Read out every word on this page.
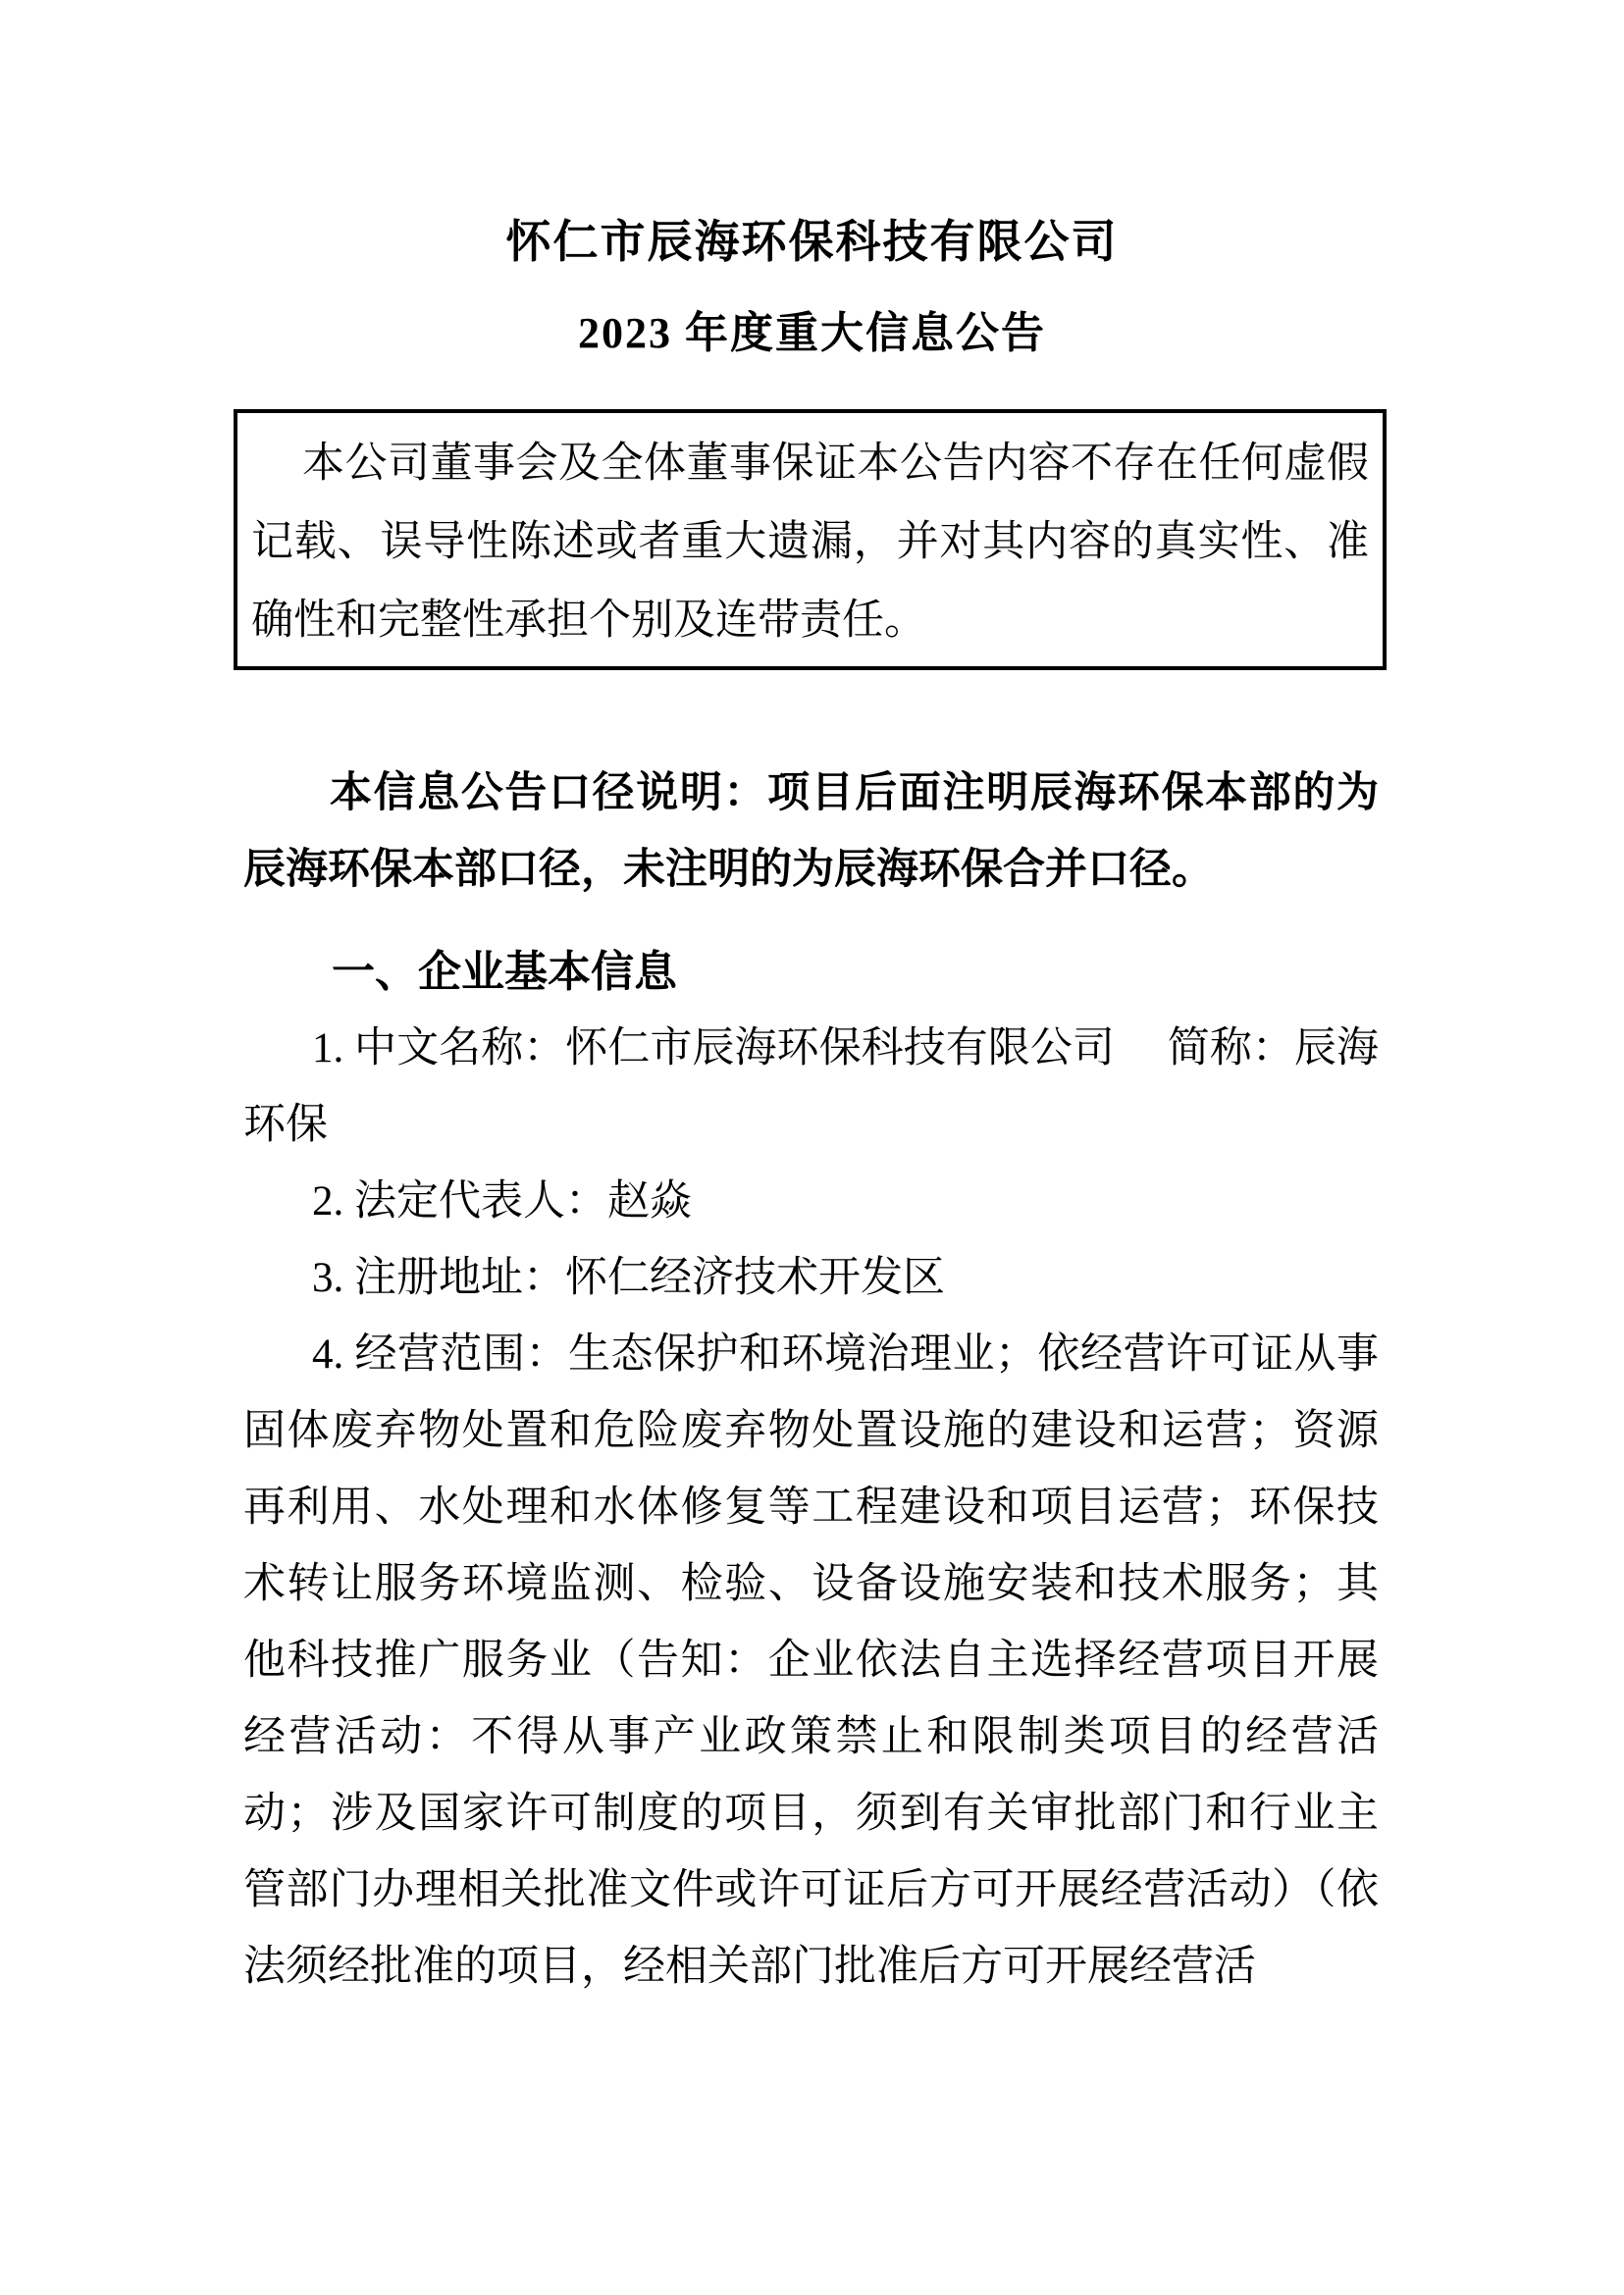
怀仁市辰海环保科技有限公司
2023 年度重大信息公告

本公司董事会及全体董事保证本公告内容不存在任何虚假记载、误导性陈述或者重大遗漏，并对其内容的真实性、准确性和完整性承担个别及连带责任。

本信息公告口径说明：项目后面注明辰海环保本部的为辰海环保本部口径，未注明的为辰海环保合并口径。

一、企业基本信息

1. 中文名称：怀仁市辰海环保科技有限公司　 简称：辰海环保

2. 法定代表人：赵焱

3. 注册地址：怀仁经济技术开发区

4. 经营范围：生态保护和环境治理业；依经营许可证从事固体废弃物处置和危险废弃物处置设施的建设和运营；资源再利用、水处理和水体修复等工程建设和项目运营；环保技术转让服务环境监测、检验、设备设施安装和技术服务；其他科技推广服务业（告知：企业依法自主选择经营项目开展经营活动：不得从事产业政策禁止和限制类项目的经营活动；涉及国家许可制度的项目，须到有关审批部门和行业主管部门办理相关批准文件或许可证后方可开展经营活动）（依法须经批准的项目，经相关部门批准后方可开展经营活
